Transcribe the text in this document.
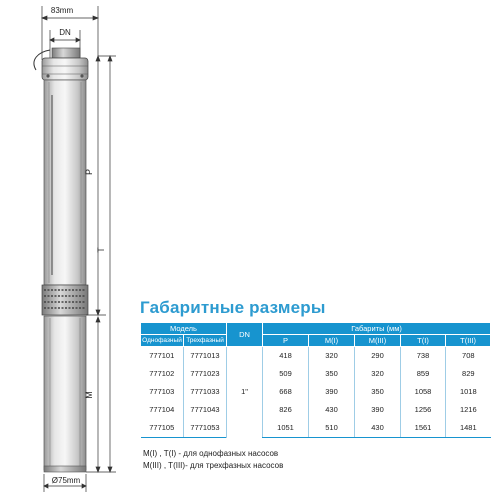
83mm
DN
P
T
M
Ø75mm
Габаритные размеры
Модель		DN	Габариты (мм)				
Однофазный	Трехфазный		P	M(I)	M(III)	T(I)	T(III)
777101	7771013	1"	418	320	290	738	708
777102	7771023		509	350	320	859	829
777103	7771033		668	390	350	1058	1018
777104	7771043		826	430	390	1256	1216
777105	7771053		1051	510	430	1561	1481
M(I) , T(I) - для однофазных насосов
M(III) , T(III)- для трехфазных насосов
